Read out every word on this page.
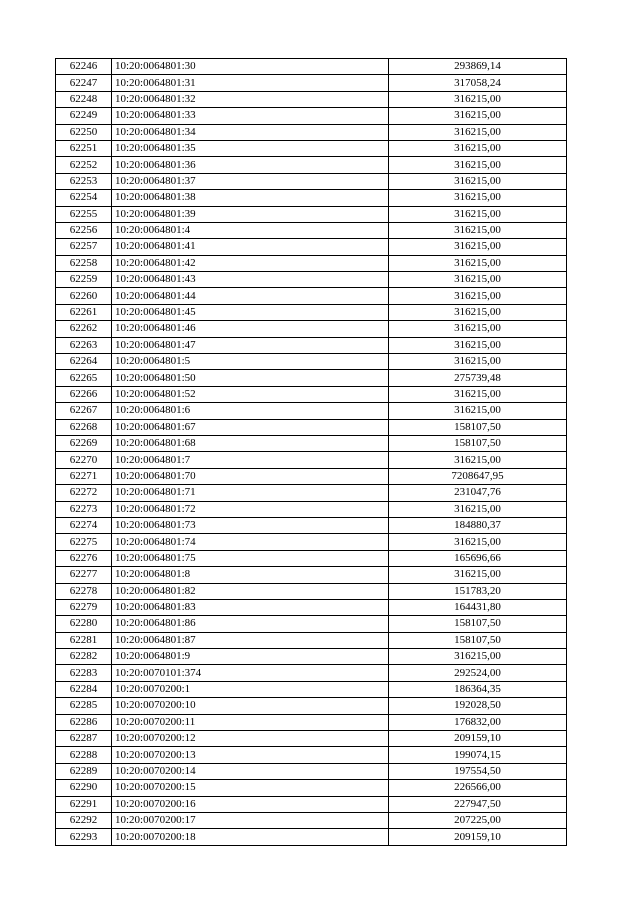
62246	10:20:0064801:30	293869,14
62247	10:20:0064801:31	317058,24
62248	10:20:0064801:32	316215,00
62249	10:20:0064801:33	316215,00
62250	10:20:0064801:34	316215,00
62251	10:20:0064801:35	316215,00
62252	10:20:0064801:36	316215,00
62253	10:20:0064801:37	316215,00
62254	10:20:0064801:38	316215,00
62255	10:20:0064801:39	316215,00
62256	10:20:0064801:4	316215,00
62257	10:20:0064801:41	316215,00
62258	10:20:0064801:42	316215,00
62259	10:20:0064801:43	316215,00
62260	10:20:0064801:44	316215,00
62261	10:20:0064801:45	316215,00
62262	10:20:0064801:46	316215,00
62263	10:20:0064801:47	316215,00
62264	10:20:0064801:5	316215,00
62265	10:20:0064801:50	275739,48
62266	10:20:0064801:52	316215,00
62267	10:20:0064801:6	316215,00
62268	10:20:0064801:67	158107,50
62269	10:20:0064801:68	158107,50
62270	10:20:0064801:7	316215,00
62271	10:20:0064801:70	7208647,95
62272	10:20:0064801:71	231047,76
62273	10:20:0064801:72	316215,00
62274	10:20:0064801:73	184880,37
62275	10:20:0064801:74	316215,00
62276	10:20:0064801:75	165696,66
62277	10:20:0064801:8	316215,00
62278	10:20:0064801:82	151783,20
62279	10:20:0064801:83	164431,80
62280	10:20:0064801:86	158107,50
62281	10:20:0064801:87	158107,50
62282	10:20:0064801:9	316215,00
62283	10:20:0070101:374	292524,00
62284	10:20:0070200:1	186364,35
62285	10:20:0070200:10	192028,50
62286	10:20:0070200:11	176832,00
62287	10:20:0070200:12	209159,10
62288	10:20:0070200:13	199074,15
62289	10:20:0070200:14	197554,50
62290	10:20:0070200:15	226566,00
62291	10:20:0070200:16	227947,50
62292	10:20:0070200:17	207225,00
62293	10:20:0070200:18	209159,10
